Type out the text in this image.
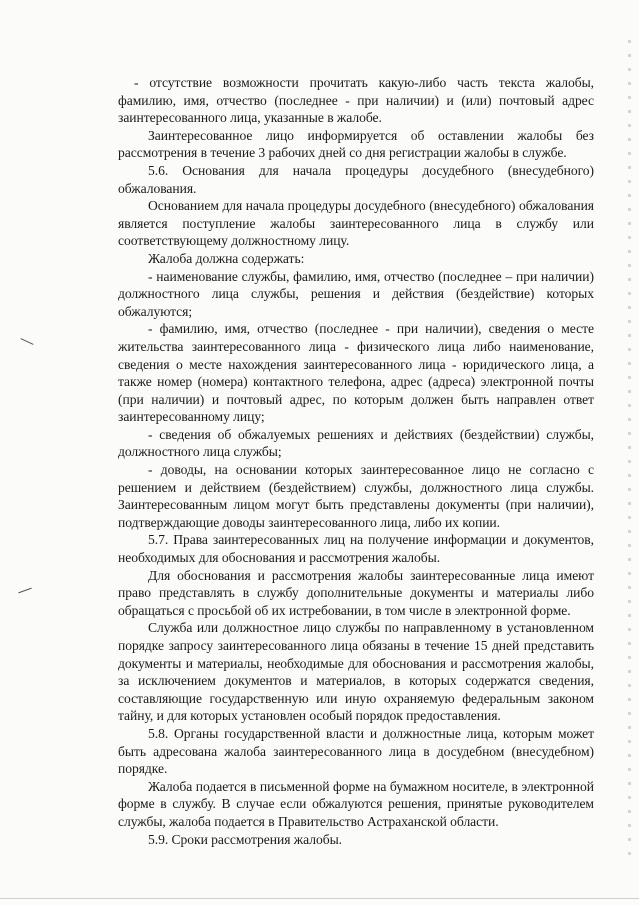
- отсутствие возможности прочитать какую-либо часть текста жалобы, фамилию, имя, отчество (последнее - при наличии) и (или) почтовый адрес заинтересованного лица, указанные в жалобе.

Заинтересованное лицо информируется об оставлении жалобы без рассмотрения в течение 3 рабочих дней со дня регистрации жалобы в службе.

5.6. Основания для начала процедуры досудебного (внесудебного) обжалования.

Основанием для начала процедуры досудебного (внесудебного) обжалования является поступление жалобы заинтересованного лица в службу или соответствующему должностному лицу.

Жалоба должна содержать:

- наименование службы, фамилию, имя, отчество (последнее – при наличии) должностного лица службы, решения и действия (бездействие) которых обжалуются;

- фамилию, имя, отчество (последнее - при наличии), сведения о месте жительства заинтересованного лица - физического лица либо наименование, сведения о месте нахождения заинтересованного лица - юридического лица, а также номер (номера) контактного телефона, адрес (адреса) электронной почты (при наличии) и почтовый адрес, по которым должен быть направлен ответ заинтересованному лицу;

- сведения об обжалуемых решениях и действиях (бездействии) службы, должностного лица службы;

- доводы, на основании которых заинтересованное лицо не согласно с решением и действием (бездействием) службы, должностного лица службы. Заинтересованным лицом могут быть представлены документы (при наличии), подтверждающие доводы заинтересованного лица, либо их копии.

5.7. Права заинтересованных лиц на получение информации и документов, необходимых для обоснования и рассмотрения жалобы.

Для обоснования и рассмотрения жалобы заинтересованные лица имеют право представлять в службу дополнительные документы и материалы либо обращаться с просьбой об их истребовании, в том числе в электронной форме.

Служба или должностное лицо службы по направленному в установленном порядке запросу заинтересованного лица обязаны в течение 15 дней представить документы и материалы, необходимые для обоснования и рассмотрения жалобы, за исключением документов и материалов, в которых содержатся сведения, составляющие государственную или иную охраняемую федеральным законом тайну, и для которых установлен особый порядок предоставления.

5.8. Органы государственной власти и должностные лица, которым может быть адресована жалоба заинтересованного лица в досудебном (внесудебном) порядке.

Жалоба подается в письменной форме на бумажном носителе, в электронной форме в службу. В случае если обжалуются решения, принятые руководителем службы, жалоба подается в Правительство Астраханской области.

5.9. Сроки рассмотрения жалобы.
